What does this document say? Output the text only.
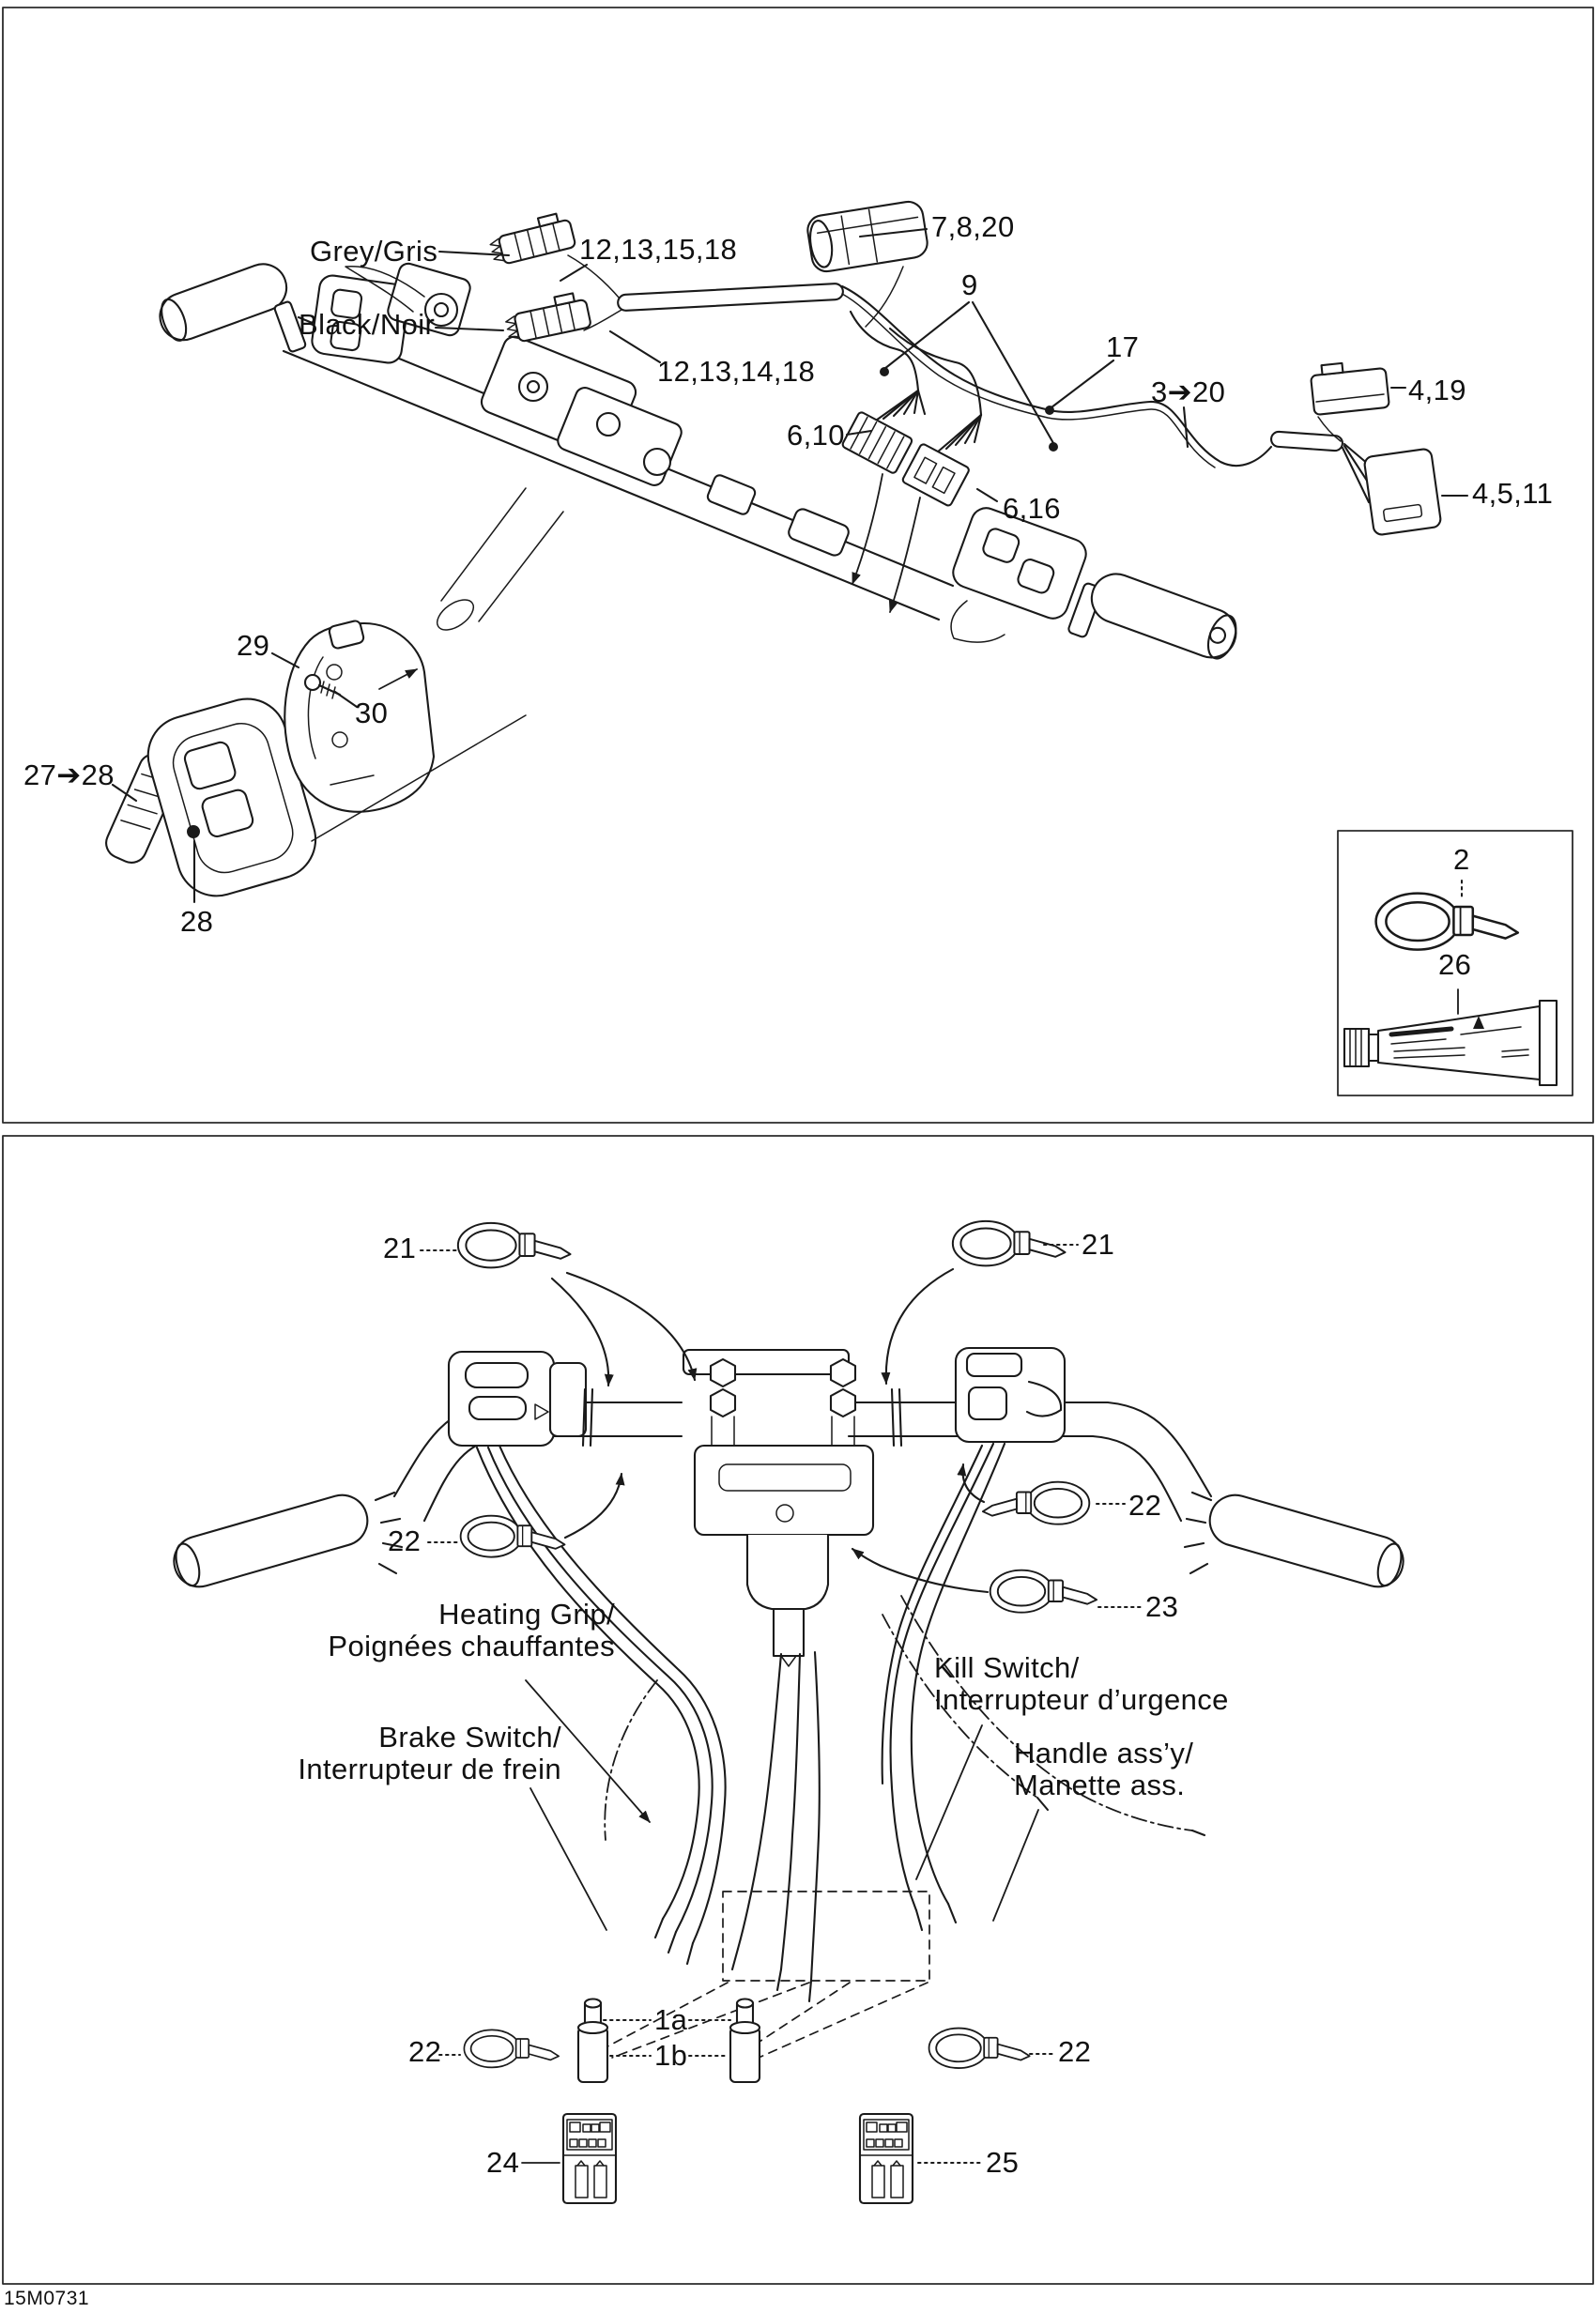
Grey/Gris	12,13,15,18
Black/Noir
12,13,14,18
7,8,20
9
17
3➔20	4,19
4,5,11
6,10
6,16
29
30
27➔28
28
2
26
21	21
22
22
23
Heating Grip/
Poignées chauffantes
Kill Switch/
Interrupteur d’urgence
Brake Switch/
Interrupteur de frein	Handle ass’y/
Manette ass.
22
1a
1b	22
24	25
15M0731
